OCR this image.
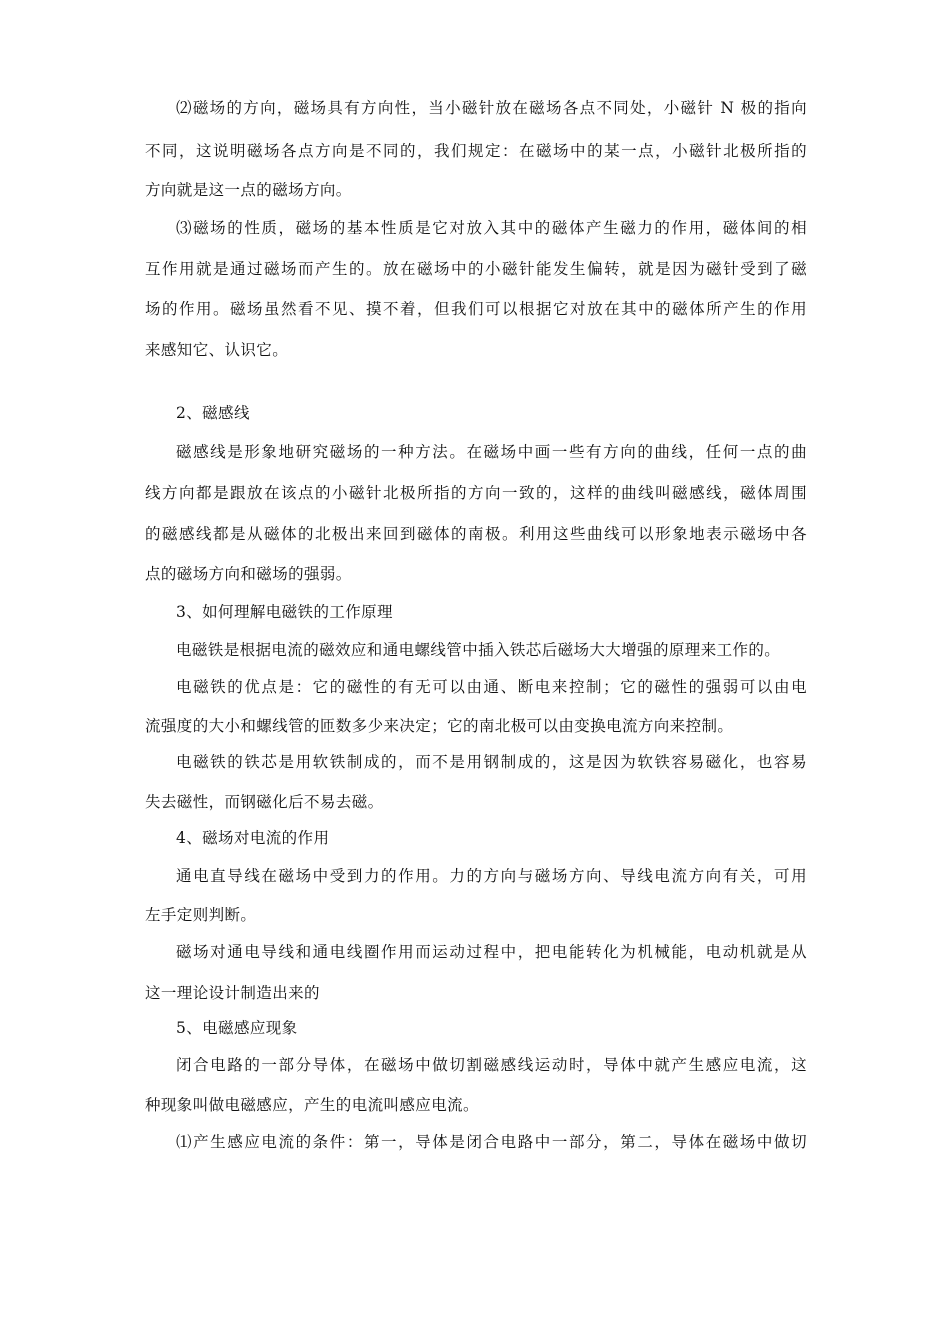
⑵磁场的方向，磁场具有方向性，当小磁针放在磁场各点不同处，小磁针 N 极的指向
不同，这说明磁场各点方向是不同的，我们规定：在磁场中的某一点，小磁针北极所指的
方向就是这一点的磁场方向。
⑶磁场的性质，磁场的基本性质是它对放入其中的磁体产生磁力的作用，磁体间的相
互作用就是通过磁场而产生的。放在磁场中的小磁针能发生偏转，就是因为磁针受到了磁
场的作用。磁场虽然看不见、摸不着，但我们可以根据它对放在其中的磁体所产生的作用
来感知它、认识它。
2、磁感线
磁感线是形象地研究磁场的一种方法。在磁场中画一些有方向的曲线，任何一点的曲
线方向都是跟放在该点的小磁针北极所指的方向一致的，这样的曲线叫磁感线，磁体周围
的磁感线都是从磁体的北极出来回到磁体的南极。利用这些曲线可以形象地表示磁场中各
点的磁场方向和磁场的强弱。
3、如何理解电磁铁的工作原理
电磁铁是根据电流的磁效应和通电螺线管中插入铁芯后磁场大大增强的原理来工作的。
电磁铁的优点是：它的磁性的有无可以由通、断电来控制；它的磁性的强弱可以由电
流强度的大小和螺线管的匝数多少来决定；它的南北极可以由变换电流方向来控制。
电磁铁的铁芯是用软铁制成的，而不是用钢制成的，这是因为软铁容易磁化，也容易
失去磁性，而钢磁化后不易去磁。
4、磁场对电流的作用
通电直导线在磁场中受到力的作用。力的方向与磁场方向、导线电流方向有关，可用
左手定则判断。
磁场对通电导线和通电线圈作用而运动过程中，把电能转化为机械能，电动机就是从
这一理论设计制造出来的
5、电磁感应现象
闭合电路的一部分导体，在磁场中做切割磁感线运动时，导体中就产生感应电流，这
种现象叫做电磁感应，产生的电流叫感应电流。
⑴产生感应电流的条件：第一，导体是闭合电路中一部分，第二，导体在磁场中做切
